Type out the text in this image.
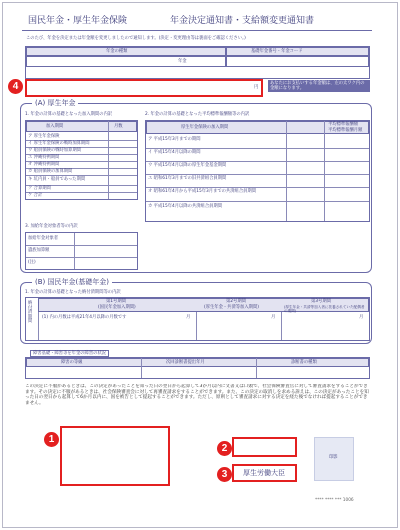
国民年金・厚生年金保険	年金決定通知書・支給額変更通知書
このたび、年金を決定または年金額を変更しましたので通知します。(決定・変更理由等は裏面をご確認ください。)
年金の種類	基礎年金番号・年金コード
年金
円
4	あなたにお支払いする年金額は、左の太ワク内の金額になります。
(A) 厚生年金
1. 年金の計算の基礎となった加入期間の内訳	2. 年金の計算の基礎となった平均標準報酬額等の内訳
加入期間	月数
ア 厚生年金保険
イ 厚生年金保険の戦時加算期間
ウ 船員保険の戦時加算期間
エ 沖縄特例期間
オ 沖縄特例期間
カ 船員保険の加算期間
キ 坑内員・船員であった期間
ク 合算期間
ケ 合計
厚生年金保険の加入期間
平均標準報酬額
平均標準報酬月額
ア 平成15年3月までの期間
イ 平成15年4月以降の期間
ウ 平成15年4月以降の厚生年金基金期間
エ 昭和61年3月までの旧共済組合員期間
オ 昭和61年4月から平成15年3月までの共済組合員期間
カ 平成15年4月以降の共済組合員期間
3. 加給年金対象者等の内訳
加給年金対象者
遺族加算額
(注)
(B) 国民年金(基礎年金)
1. 年金の計算の基礎となった納付済期間等の内訳
納付済期間
第1号期間
(国民年金加入期間)
第2号期間
(厚生年金・共済等加入期間)
第3号期間
(厚生年金・共済等加入者に扶養されていた配偶者の期間)
(1) 内の月数は平成21年4月以降の月数です	月	月	月
障害基礎・障害等を年金の障害の状況
障害の等級	次回診断書提出年月	診断書の種類
この決定に不服があるときは、この決定があったことを知った日の翌日から起算して3か月以内に文書又は口頭で、社会保険審査官に対して審査請求をすることができます。その決定に不服があるときは、社会保険審査会に対して再審査請求をすることができます。また、この決定の取消しを求める訴えは、この決定があったことを知った日の翌日から起算して6か月以内に、国を被告として提起することができます。ただし、原則として審査請求に対する決定を経た後でなければ提起することができません。
1
2
厚生労働大臣
3
印影
**** **** *** 1006
